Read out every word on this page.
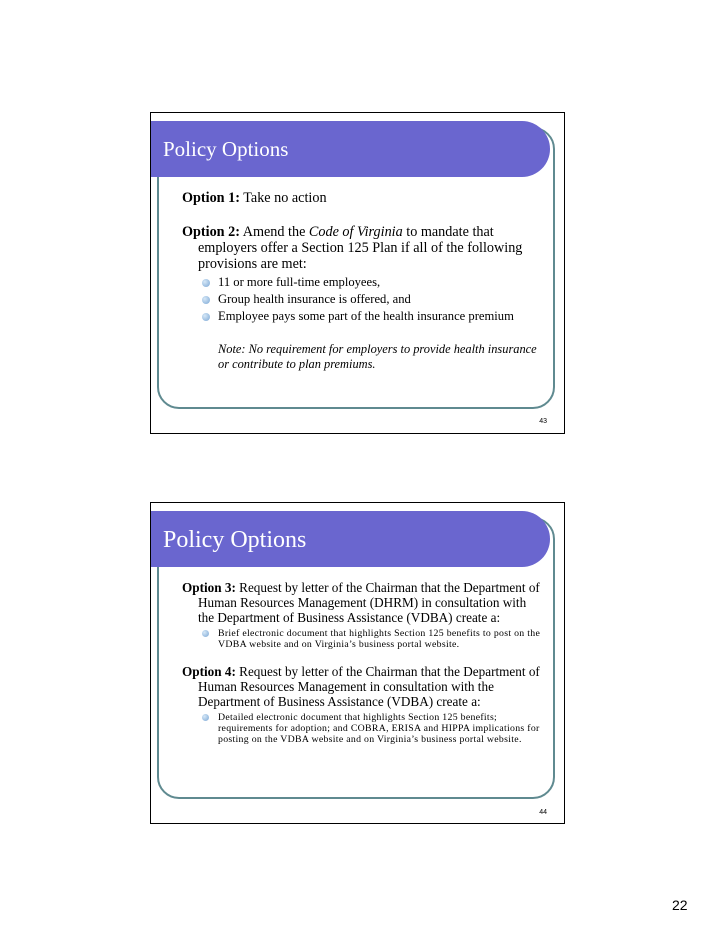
Policy Options

Option 1: Take no action

Option 2: Amend the Code of Virginia to mandate that employers offer a Section 125 Plan if all of the following provisions are met:

11 or more full-time employees,
Group health insurance is offered, and
Employee pays some part of the health insurance premium
Note: No requirement for employers to provide health insurance or contribute to plan premiums.
43
Policy Options

Option 3: Request by letter of the Chairman that the Department of Human Resources Management (DHRM) in consultation with the Department of Business Assistance (VDBA) create a:

Brief electronic document that highlights Section 125 benefits to post on the VDBA website and on Virginia’s business portal website.

Option 4: Request by letter of the Chairman that the Department of Human Resources Management in consultation with the Department of Business Assistance (VDBA) create a:

Detailed electronic document that highlights Section 125 benefits; requirements for adoption; and COBRA, ERISA and HIPPA implications for posting on the VDBA website and on Virginia’s business portal website.
44
22
